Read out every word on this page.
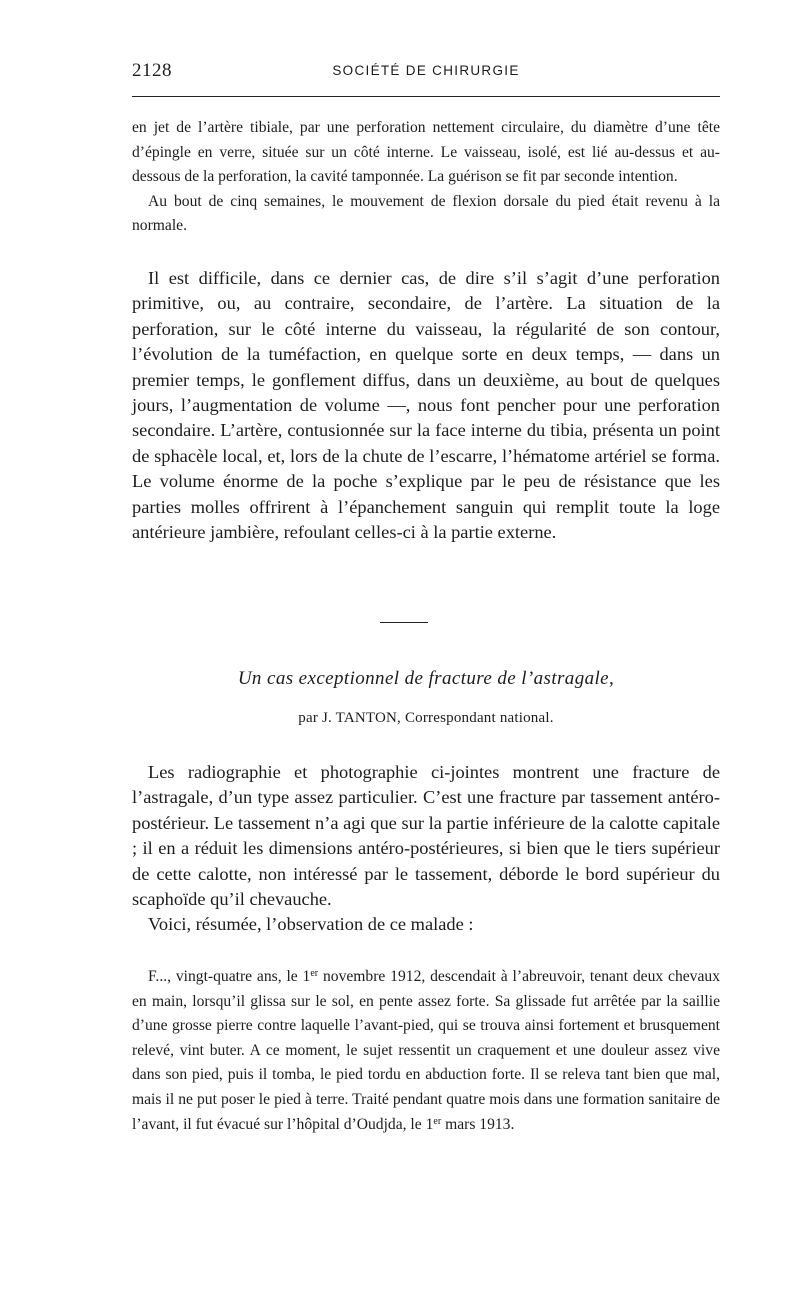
2128	SOCIÉTÉ DE CHIRURGIE

en jet de l’artère tibiale, par une perforation nettement circulaire, du diamètre d’une tête d’épingle en verre, située sur un côté interne. Le vaisseau, isolé, est lié au-dessus et au-dessous de la perforation, la cavité tamponnée. La guérison se fit par seconde intention.

Au bout de cinq semaines, le mouvement de flexion dorsale du pied était revenu à la normale.

Il est difficile, dans ce dernier cas, de dire s’il s’agit d’une perforation primitive, ou, au contraire, secondaire, de l’artère. La situation de la perforation, sur le côté interne du vaisseau, la régularité de son contour, l’évolution de la tuméfaction, en quelque sorte en deux temps, — dans un premier temps, le gonflement diffus, dans un deuxième, au bout de quelques jours, l’augmentation de volume —, nous font pencher pour une perforation secondaire. L’artère, contusionnée sur la face interne du tibia, présenta un point de sphacèle local, et, lors de la chute de l’escarre, l’hématome artériel se forma. Le volume énorme de la poche s’explique par le peu de résistance que les parties molles offrirent à l’épanchement sanguin qui remplit toute la loge antérieure jambière, refoulant celles-ci à la partie externe.

Un cas exceptionnel de fracture de l’astragale,
par J. TANTON, Correspondant national.

Les radiographie et photographie ci-jointes montrent une fracture de l’astragale, d’un type assez particulier. C’est une fracture par tassement antéro-postérieur. Le tassement n’a agi que sur la partie inférieure de la calotte capitale ; il en a réduit les dimensions antéro-postérieures, si bien que le tiers supérieur de cette calotte, non intéressé par le tassement, déborde le bord supérieur du scaphoïde qu’il chevauche.

Voici, résumée, l’observation de ce malade :

F..., vingt-quatre ans, le 1er novembre 1912, descendait à l’abreuvoir, tenant deux chevaux en main, lorsqu’il glissa sur le sol, en pente assez forte. Sa glissade fut arrêtée par la saillie d’une grosse pierre contre laquelle l’avant-pied, qui se trouva ainsi fortement et brusquement relevé, vint buter. A ce moment, le sujet ressentit un craquement et une douleur assez vive dans son pied, puis il tomba, le pied tordu en abduction forte. Il se releva tant bien que mal, mais il ne put poser le pied à terre. Traité pendant quatre mois dans une formation sanitaire de l’avant, il fut évacué sur l’hôpital d’Oudjda, le 1er mars 1913.
